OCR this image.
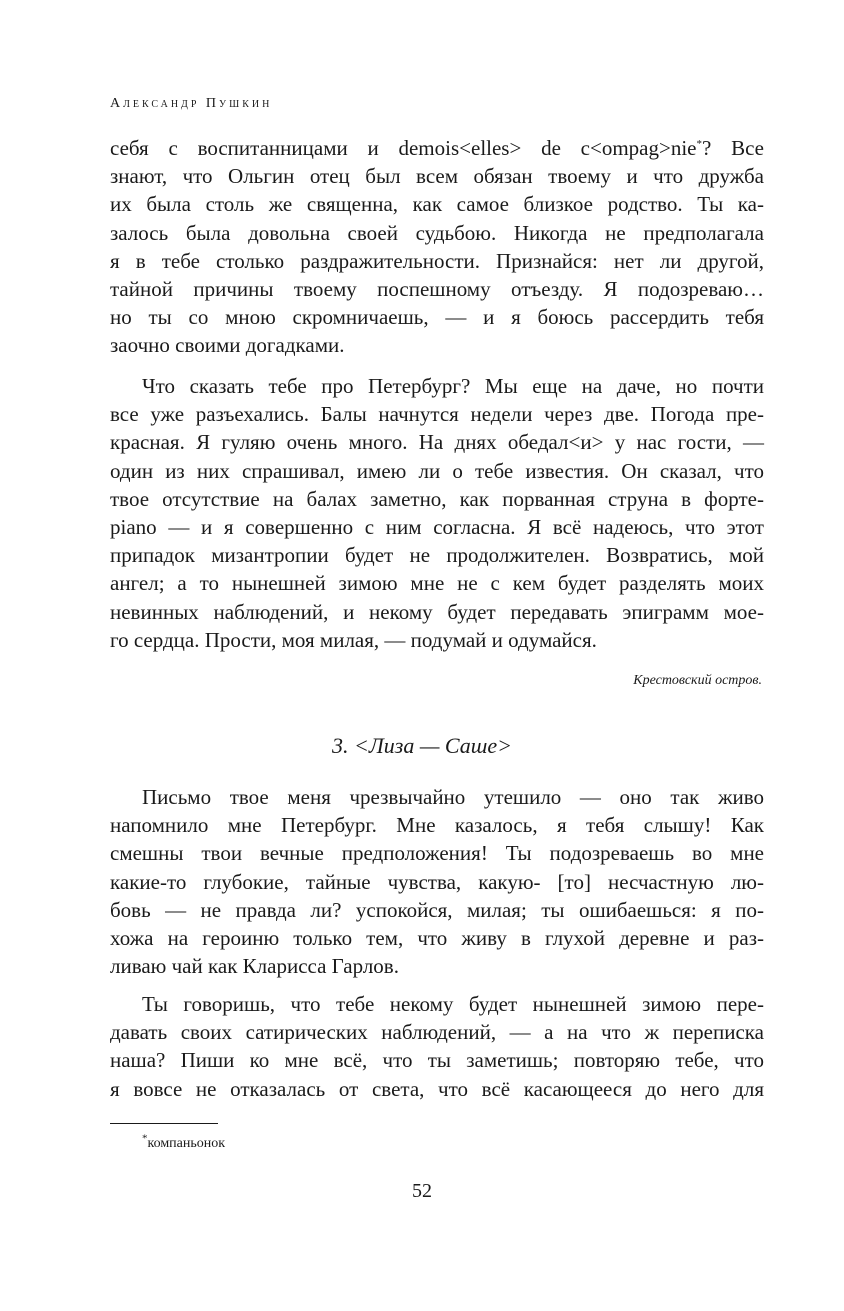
Александр Пушкин
себя с воспитанницами и demois<elles> de c<ompag>nie*? Все
знают, что Ольгин отец был всем обязан твоему и что дружба
их была столь же священна, как самое близкое родство. Ты ка-
залось была довольна своей судьбою. Никогда не предполагала
я в тебе столько раздражительности. Признайся: нет ли другой,
тайной причины твоему поспешному отъезду. Я подозреваю…
но ты со мною скромничаешь, — и я боюсь рассердить тебя
заочно своими догадками.
Что сказать тебе про Петербург? Мы еще на даче, но почти
все уже разъехались. Балы начнутся недели через две. Погода пре-
красная. Я гуляю очень много. На днях обедал<и> у нас гости, —
один из них спрашивал, имею ли о тебе известия. Он сказал, что
твое отсутствие на балах заметно, как порванная струна в форте-
piano — и я совершенно с ним согласна. Я всё надеюсь, что этот
припадок мизантропии будет не продолжителен. Возвратись, мой
ангел; а то нынешней зимою мне не с кем будет разделять моих
невинных наблюдений, и некому будет передавать эпиграмм мое-
го сердца. Прости, моя милая, — подумай и одумайся.
Крестовский остров.
3. <Лиза — Саше>
Письмо твое меня чрезвычайно утешило — оно так живо
напомнило мне Петербург. Мне казалось, я тебя слышу! Как
смешны твои вечные предположения! Ты подозреваешь во мне
какие-то глубокие, тайные чувства, какую- [то] несчастную лю-
бовь — не правда ли? успокойся, милая; ты ошибаешься: я по-
хожа на героиню только тем, что живу в глухой деревне и раз-
ливаю чай как Кларисса Гарлов.
Ты говоришь, что тебе некому будет нынешней зимою пере-
давать своих сатирических наблюдений, — а на что ж переписка
наша? Пиши ко мне всё, что ты заметишь; повторяю тебе, что
я вовсе не отказалась от света, что всё касающееся до него для
*компаньонок
52
